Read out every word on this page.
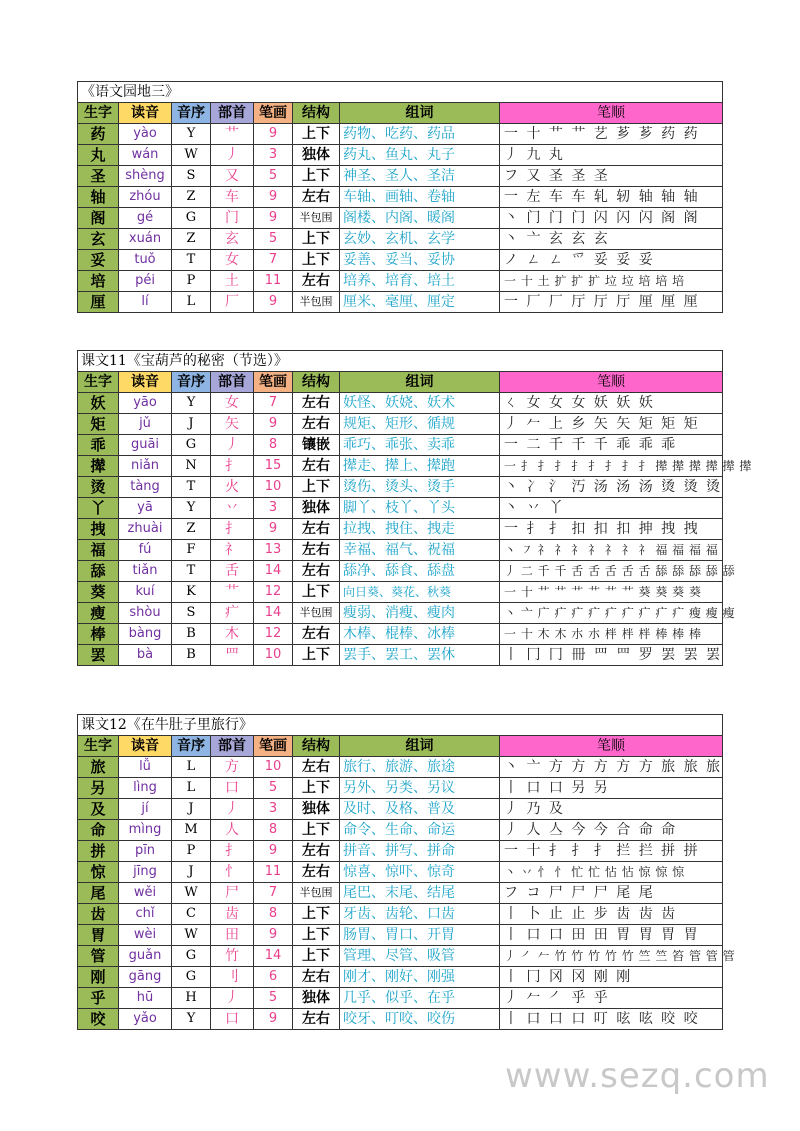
《语文园地三》							
生字	读音	音序	部首	笔画	结构	组词	笔顺
药	yào	Y	艹	9	上下	药物、吃药、药品	一 十 艹 艹 艺 芗 芗 药 药
丸	wán	W	丿	3	独体	药丸、鱼丸、丸子	丿 九 丸
圣	shèng	S	又	5	上下	神圣、圣人、圣洁	フ 又 圣 圣 圣
轴	zhóu	Z	车	9	左右	车轴、画轴、卷轴	一 左 车 车 轧 轫 轴 轴 轴
阁	gé	G	门	9	半包围	阁楼、内阁、暖阁	丶 门 门 门 闪 闪 闪 阁 阁
玄	xuán	Z	玄	5	上下	玄妙、玄机、玄学	丶 亠 玄 玄 玄
妥	tuǒ	T	女	7	上下	妥善、妥当、妥协	ノ ㄥ ㄥ 爫 妥 妥 妥
培	péi	P	土	11	左右	培养、培育、培土	一 十 土 扩 扩 扩 垃 垃 培 培 培
厘	lí	L	厂	9	半包围	厘米、毫厘、厘定	一 厂 厂 厅 厅 厅 厘 厘 厘
课文11《宝葫芦的秘密（节选）》							
生字	读音	音序	部首	笔画	结构	组词	笔顺
妖	yāo	Y	女	7	左右	妖怪、妖娆、妖术	ㄑ 女 女 女 妖 妖 妖
矩	jǔ	J	矢	9	左右	规矩、矩形、循规	丿 𠂉 上 乡 矢 矢 矩 矩 矩
乖	guāi	G	丿	8	镶嵌	乖巧、乖张、卖乖	一 二 千 千 千 乖 乖 乖
撵	niǎn	N	扌	15	左右	撵走、撵上、撵跑	一 扌 扌 扌 扌 扌 扌 扌 扌 撵 撵 撵 撵 撵 撵
烫	tàng	T	火	10	上下	烫伤、烫头、烫手	丶 冫 氵 汅 汤 汤 汤 烫 烫 烫
丫	yā	Y	丷	3	独体	脚丫、枝丫、丫头	丶 丷 丫
拽	zhuài	Z	扌	9	左右	拉拽、拽住、拽走	一 扌 扌 扣 扣 扣 抻 拽 拽
福	fú	F	礻	13	左右	幸福、福气、祝福	丶 ㇇ 礻 礻 礻 礻 礻 礻 礻 福 福 福 福
舔	tiǎn	T	舌	14	左右	舔净、舔食、舔盘	丿 二 千 千 舌 舌 舌 舌 舌 舔 舔 舔 舔 舔
葵	kuí	K	艹	12	上下	向日葵、葵花、秋葵	一 十 艹 艹 艹 艹 艹 艹 葵 葵 葵 葵
瘦	shòu	S	疒	14	半包围	瘦弱、消瘦、瘦肉	丶 亠 广 疒 疒 疒 疒 疒 疒 疒 疒 瘦 瘦 瘦
棒	bàng	B	木	12	左右	木棒、棍棒、冰棒	一 十 木 木 朩 朩 柈 柈 柈 棒 棒 棒
罢	bà	B	罒	10	上下	罢手、罢工、罢休	丨 冂 冂 冊 罒 罒 罗 罢 罢 罢
课文12《在牛肚子里旅行》							
生字	读音	音序	部首	笔画	结构	组词	笔顺
旅	lǚ	L	方	10	左右	旅行、旅游、旅途	丶 亠 方 方 方 方 方 旅 旅 旅
另	lìng	L	口	5	上下	另外、另类、另议	丨 口 口 另 另
及	jí	J	丿	3	独体	及时、及格、普及	丿 乃 及
命	mìng	M	人	8	上下	命令、生命、命运	丿 人 亼 今 今 合 命 命
拼	pīn	P	扌	9	左右	拼音、拼写、拼命	一 十 扌 扌 扌 拦 拦 拼 拼
惊	jīng	J	忄	11	左右	惊喜、惊吓、惊奇	丶 丷 忄 忄 忙 忙 怗 怗 惊 惊 惊
尾	wěi	W	尸	7	半包围	尾巴、末尾、结尾	フ コ 尸 尸 尸 尾 尾
齿	chǐ	C	齿	8	上下	牙齿、齿轮、口齿	丨 卜 止 止 步 齿 齿 齿
胃	wèi	W	田	9	上下	肠胃、胃口、开胃	丨 口 口 田 田 胃 胃 胃 胃
管	guǎn	G	竹	14	上下	管理、尽管、吸管	丿 ㇒ 𠂉 竹 竹 竹 竹 竹 竺 竺 笞 管 管 管
刚	gāng	G	刂	6	左右	刚才、刚好、刚强	丨 冂 冈 冈 刚 刚
乎	hū	H	丿	5	独体	几乎、似乎、在乎	丿 𠂉 ㇒ 乎 乎
咬	yǎo	Y	口	9	左右	咬牙、叮咬、咬伤	丨 口 口 口 叮 呟 呟 咬 咬
www.sezq.com
